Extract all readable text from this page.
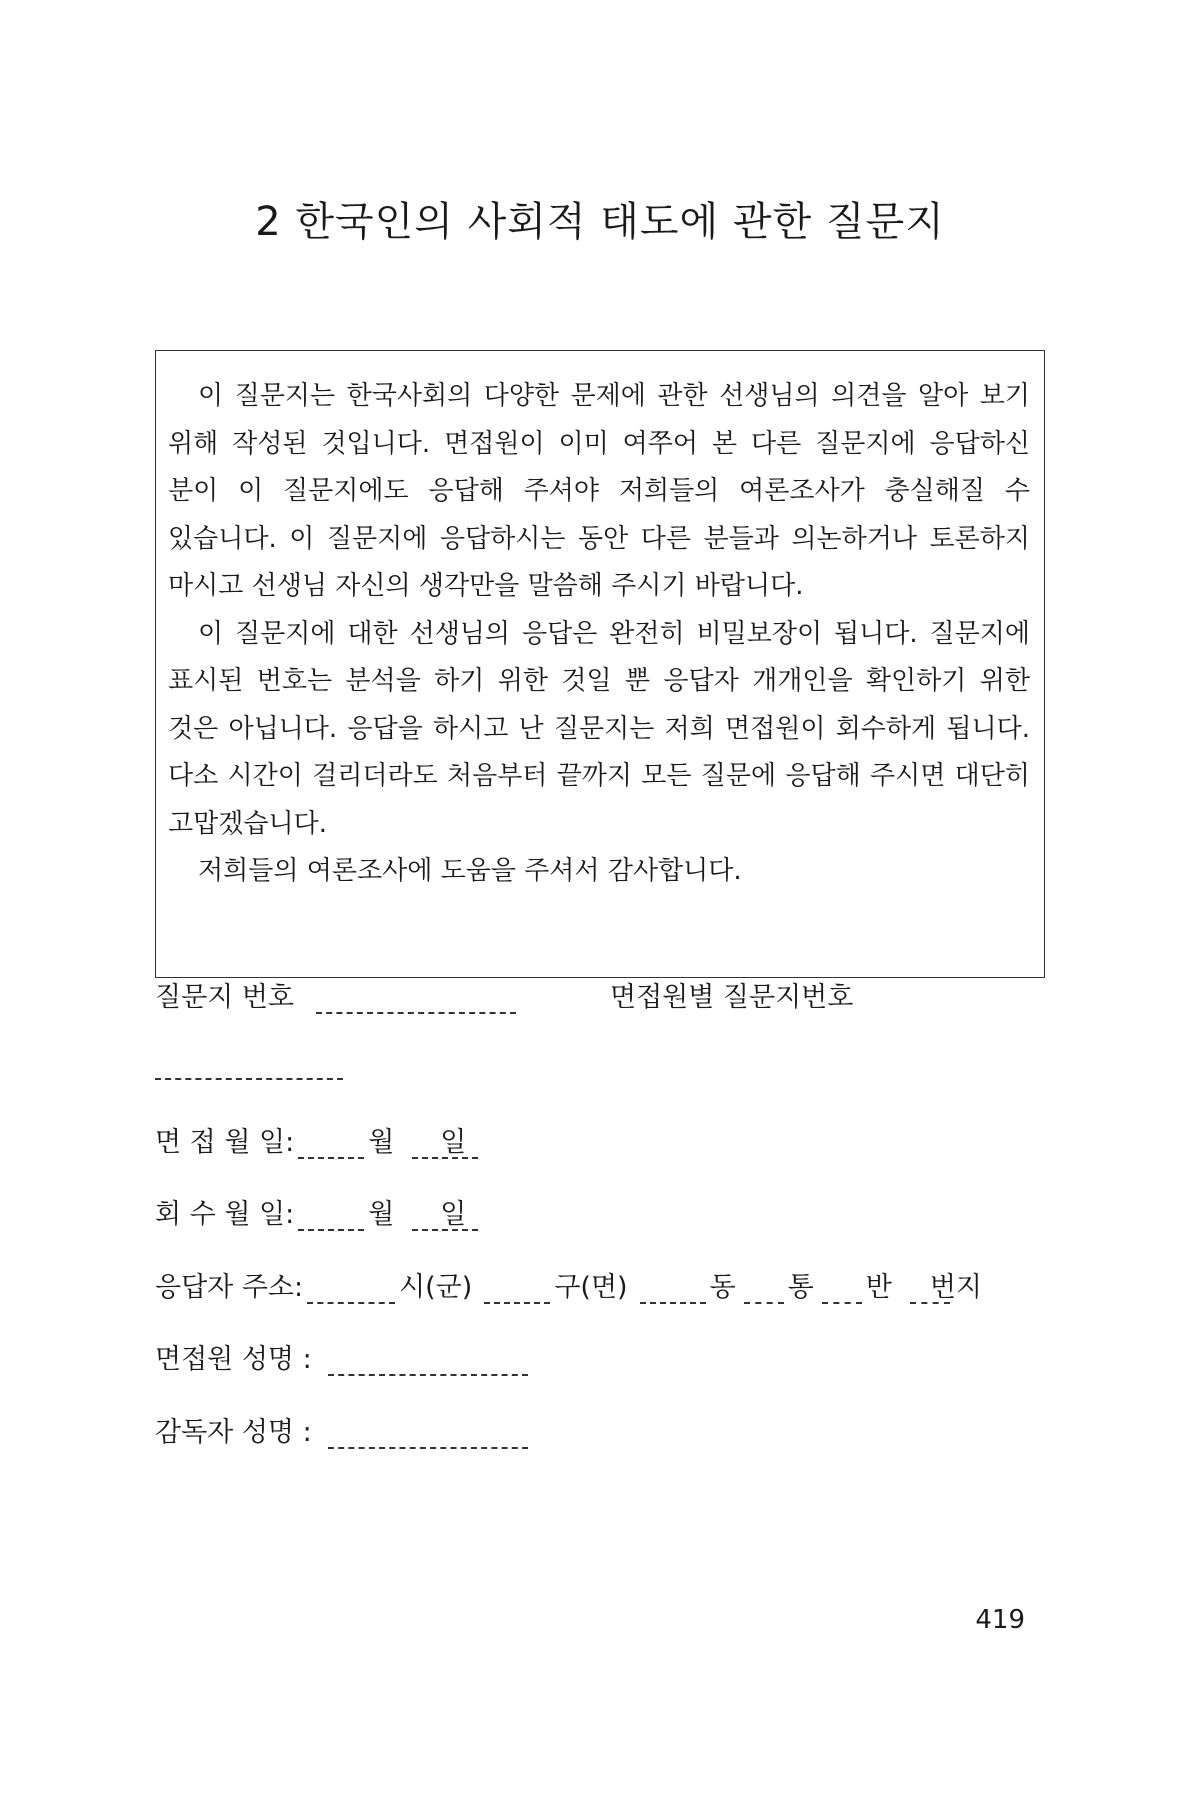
2 한국인의 사회적 태도에 관한 질문지

이 질문지는 한국사회의 다양한 문제에 관한 선생님의 의견을 알아 보기 위해 작성된 것입니다. 면접원이 이미 여쭈어 본 다른 질문지에 응답하신 분이 이 질문지에도 응답해 주셔야 저희들의 여론조사가 충실해질 수 있습니다. 이 질문지에 응답하시는 동안 다른 분들과 의논하거나 토론하지 마시고 선생님 자신의 생각만을 말씀해 주시기 바랍니다.

이 질문지에 대한 선생님의 응답은 완전히 비밀보장이 됩니다. 질문지에 표시된 번호는 분석을 하기 위한 것일 뿐 응답자 개개인을 확인하기 위한 것은 아닙니다. 응답을 하시고 난 질문지는 저희 면접원이 회수하게 됩니다. 다소 시간이 걸리더라도 처음부터 끝까지 모든 질문에 응답해 주시면 대단히 고맙겠습니다.

저희들의 여론조사에 도움을 주셔서 감사합니다.

질문지 번호	면접원별 질문지번호
면 접 월 일:	월 일
회 수 월 일:	월 일
응답자 주소:	시(군)	구(면)	동 통 반 번지
면접원 성명 :
감독자 성명 :
419
